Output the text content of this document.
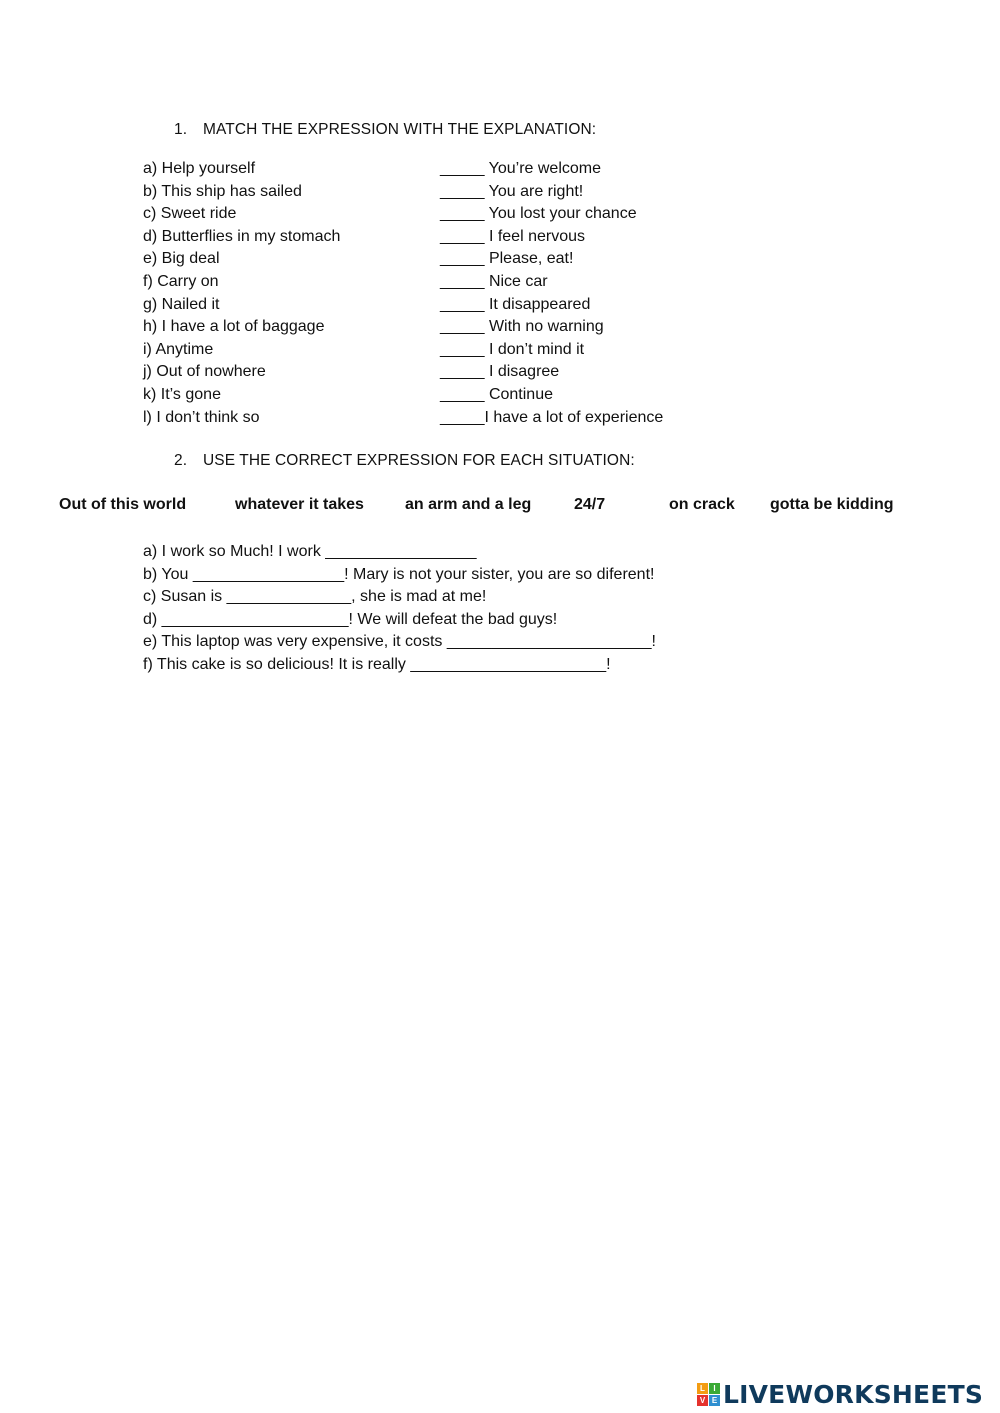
1. MATCH THE EXPRESSION WITH THE EXPLANATION:
a) Help yourself	_____ You’re welcome
b) This ship has sailed	_____ You are right!
c) Sweet ride	_____ You lost your chance
d) Butterflies in my stomach	_____ I feel nervous
e) Big deal	_____ Please, eat!
f) Carry on	_____ Nice car
g) Nailed it	_____ It disappeared
h) I have a lot of baggage	_____ With no warning
i) Anytime	_____ I don’t mind it
j) Out of nowhere	_____ I disagree
k) It’s gone	_____ Continue
l) I don’t think so	_____I have a lot of experience
2. USE THE CORRECT EXPRESSION FOR EACH SITUATION:
Out of this world	whatever it takes	an arm and a leg	24/7	on crack gotta be kidding
a) I work so Much! I work _________________
b) You _________________! Mary is not your sister, you are so diferent!
c) Susan is ______________, she is mad at me!
d) _____________________! We will defeat the bad guys!
e) This laptop was very expensive, it costs _______________________!
f) This cake is so delicious! It is really ______________________!
L	I
V E LIVEWORKSHEETS
